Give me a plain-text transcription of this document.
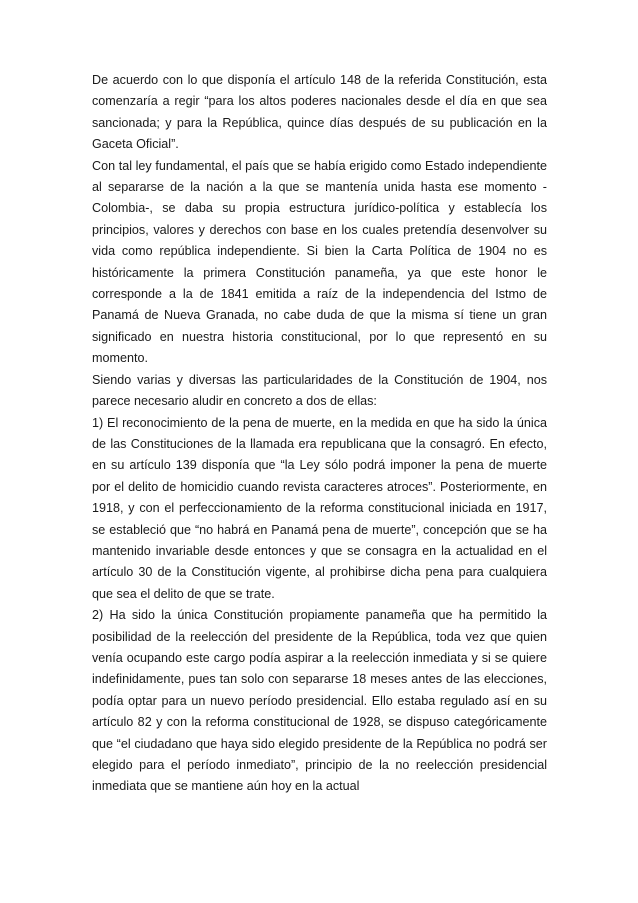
De acuerdo con lo que disponía el artículo 148 de la referida Constitución, esta comenzaría a regir “para los altos poderes nacionales desde el día en que sea sancionada; y para la República, quince días después de su publicación en la Gaceta Oficial”.

Con tal ley fundamental, el país que se había erigido como Estado independiente al separarse de la nación a la que se mantenía unida hasta ese momento -Colombia-, se daba su propia estructura jurídico-política y establecía los principios, valores y derechos con base en los cuales pretendía desenvolver su vida como república independiente. Si bien la Carta Política de 1904 no es históricamente la primera Constitución panameña, ya que este honor le corresponde a la de 1841 emitida a raíz de la independencia del Istmo de Panamá de Nueva Granada, no cabe duda de que la misma sí tiene un gran significado en nuestra historia constitucional, por lo que representó en su momento.

Siendo varias y diversas las particularidades de la Constitución de 1904, nos parece necesario aludir en concreto a dos de ellas:

1) El reconocimiento de la pena de muerte, en la medida en que ha sido la única de las Constituciones de la llamada era republicana que la consagró. En efecto, en su artículo 139 disponía que “la Ley sólo podrá imponer la pena de muerte por el delito de homicidio cuando revista caracteres atroces”. Posteriormente, en 1918, y con el perfeccionamiento de la reforma constitucional iniciada en 1917, se estableció que “no habrá en Panamá pena de muerte”, concepción que se ha mantenido invariable desde entonces y que se consagra en la actualidad en el artículo 30 de la Constitución vigente, al prohibirse dicha pena para cualquiera que sea el delito de que se trate.

2) Ha sido la única Constitución propiamente panameña que ha permitido la posibilidad de la reelección del presidente de la República, toda vez que quien venía ocupando este cargo podía aspirar a la reelección inmediata y si se quiere indefinidamente, pues tan solo con separarse 18 meses antes de las elecciones, podía optar para un nuevo período presidencial. Ello estaba regulado así en su artículo 82 y con la reforma constitucional de 1928, se dispuso categóricamente que “el ciudadano que haya sido elegido presidente de la República no podrá ser elegido para el período inmediato”, principio de la no reelección presidencial inmediata que se mantiene aún hoy en la actual
